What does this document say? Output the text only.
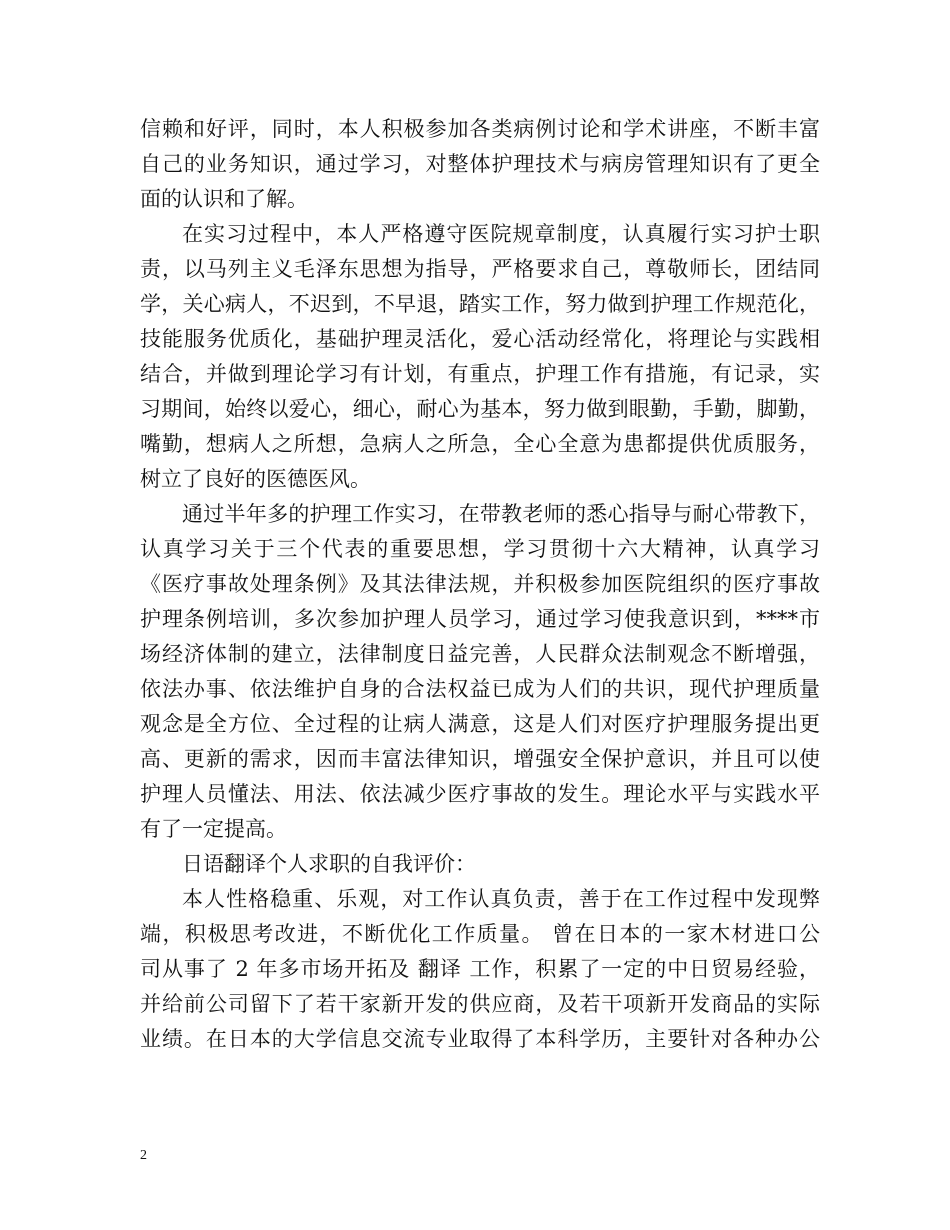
信赖和好评，同时，本人积极参加各类病例讨论和学术讲座，不断丰富
自己的业务知识，通过学习，对整体护理技术与病房管理知识有了更全
面的认识和了解。
在实习过程中，本人严格遵守医院规章制度，认真履行实习护士职
责，以马列主义毛泽东思想为指导，严格要求自己，尊敬师长，团结同
学，关心病人，不迟到，不早退，踏实工作，努力做到护理工作规范化，
技能服务优质化，基础护理灵活化，爱心活动经常化，将理论与实践相
结合，并做到理论学习有计划，有重点，护理工作有措施，有记录，实
习期间，始终以爱心，细心，耐心为基本，努力做到眼勤，手勤，脚勤，
嘴勤，想病人之所想，急病人之所急，全心全意为患都提供优质服务，
树立了良好的医德医风。
通过半年多的护理工作实习，在带教老师的悉心指导与耐心带教下，
认真学习关于三个代表的重要思想，学习贯彻十六大精神，认真学习
《医疗事故处理条例》及其法律法规，并积极参加医院组织的医疗事故
护理条例培训，多次参加护理人员学习，通过学习使我意识到，****市
场经济体制的建立，法律制度日益完善，人民群众法制观念不断增强，
依法办事、依法维护自身的合法权益已成为人们的共识，现代护理质量
观念是全方位、全过程的让病人满意，这是人们对医疗护理服务提出更
高、更新的需求，因而丰富法律知识，增强安全保护意识，并且可以使
护理人员懂法、用法、依法减少医疗事故的发生。理论水平与实践水平
有了一定提高。
日语翻译个人求职的自我评价：
本人性格稳重、乐观，对工作认真负责，善于在工作过程中发现弊
端，积极思考改进，不断优化工作质量。 曾在日本的一家木材进口公
司从事了 2 年多市场开拓及 翻译 工作，积累了一定的中日贸易经验，
并给前公司留下了若干家新开发的供应商，及若干项新开发商品的实际
业绩。在日本的大学信息交流专业取得了本科学历，主要针对各种办公
2
